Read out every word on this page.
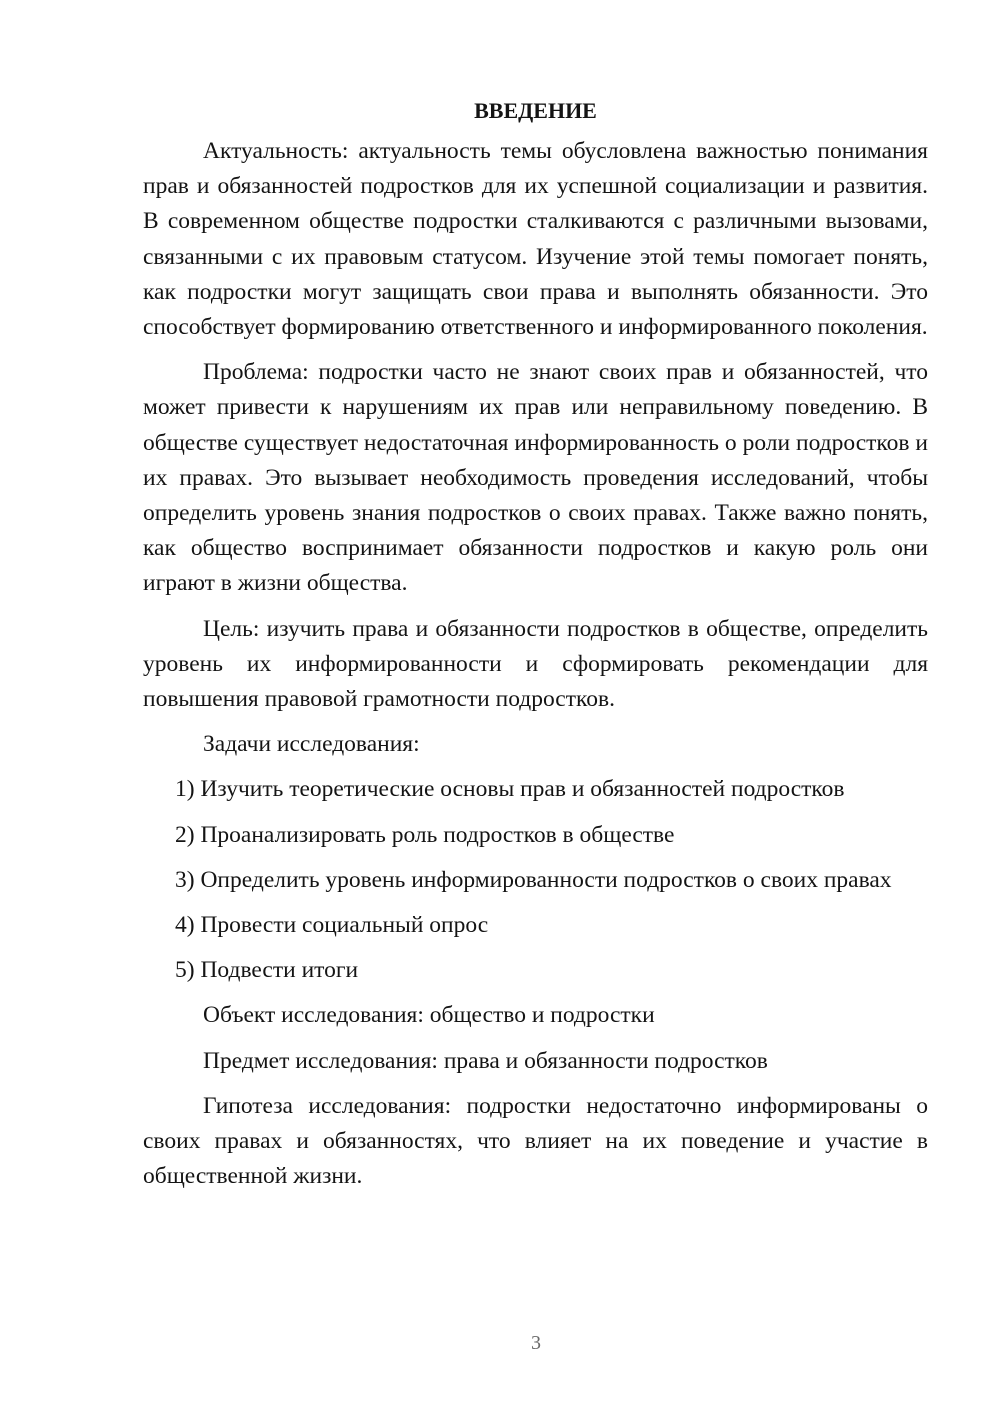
ВВЕДЕНИЕ

Актуальность: актуальность темы обусловлена важностью понимания прав и обязанностей подростков для их успешной социализации и развития. В современном обществе подростки сталкиваются с различными вызовами, связанными с их правовым статусом. Изучение этой темы помогает понять, как подростки могут защищать свои права и выполнять обязанности. Это способствует формированию ответственного и информированного поколения.

Проблема: подростки часто не знают своих прав и обязанностей, что может привести к нарушениям их прав или неправильному поведению. В обществе существует недостаточная информированность о роли подростков и их правах. Это вызывает необходимость проведения исследований, чтобы определить уровень знания подростков о своих правах. Также важно понять, как общество воспринимает обязанности подростков и какую роль они играют в жизни общества.

Цель: изучить права и обязанности подростков в обществе, определить уровень их информированности и сформировать рекомендации для повышения правовой грамотности подростков.

Задачи исследования:

1) Изучить теоретические основы прав и обязанностей подростков

2) Проанализировать роль подростков в обществе

3) Определить уровень информированности подростков о своих правах

4) Провести социальный опрос

5) Подвести итоги

Объект исследования: общество и подростки

Предмет исследования: права и обязанности подростков

Гипотеза исследования: подростки недостаточно информированы о своих правах и обязанностях, что влияет на их поведение и участие в общественной жизни.

3
